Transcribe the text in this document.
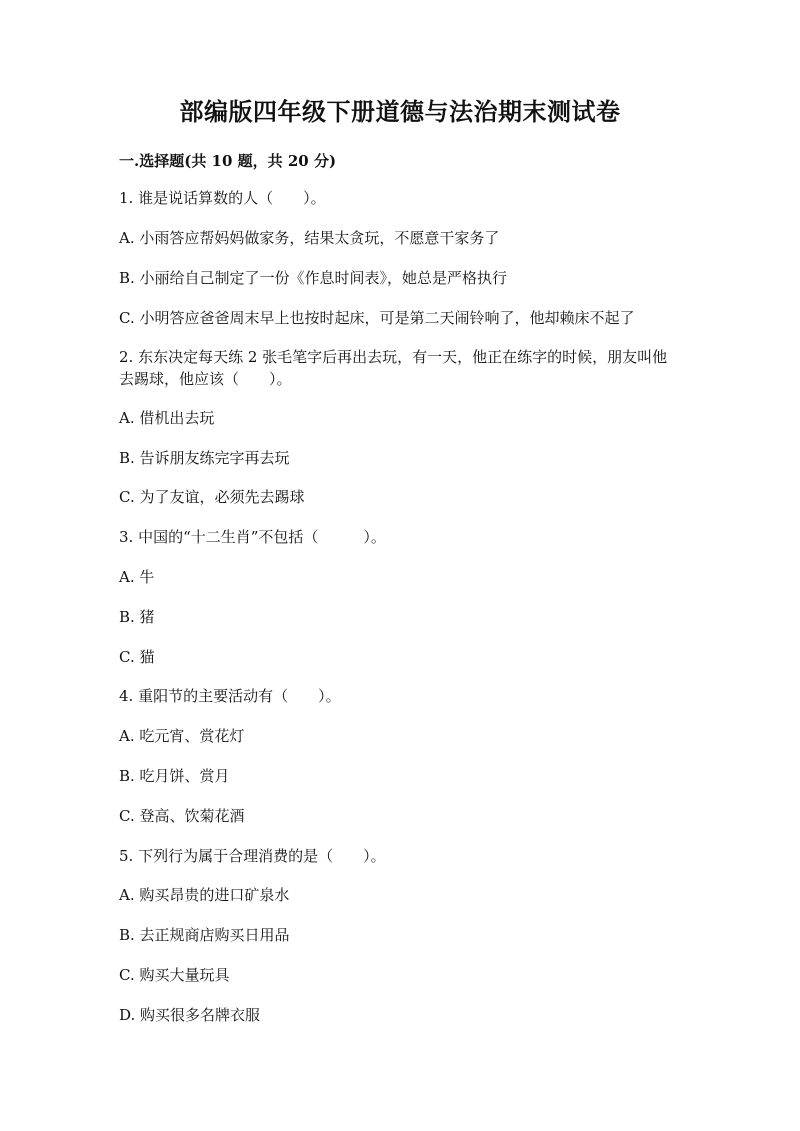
部编版四年级下册道德与法治期末测试卷
一.选择题(共 10 题，共 20 分)
1. 谁是说话算数的人（　　）。
A. 小雨答应帮妈妈做家务，结果太贪玩，不愿意干家务了
B. 小丽给自己制定了一份《作息时间表》，她总是严格执行
C. 小明答应爸爸周末早上也按时起床，可是第二天闹铃响了，他却赖床不起了
2. 东东决定每天练 2 张毛笔字后再出去玩，有一天，他正在练字的时候，朋友叫他去踢球，他应该（　　）。
A. 借机出去玩
B. 告诉朋友练完字再去玩
C. 为了友谊，必须先去踢球
3. 中国的“十二生肖”不包括（　　　）。
A. 牛
B. 猪
C. 猫
4. 重阳节的主要活动有（　　）。
A. 吃元宵、赏花灯
B. 吃月饼、赏月
C. 登高、饮菊花酒
5. 下列行为属于合理消费的是（　　）。
A. 购买昂贵的进口矿泉水
B. 去正规商店购买日用品
C. 购买大量玩具
D. 购买很多名牌衣服
